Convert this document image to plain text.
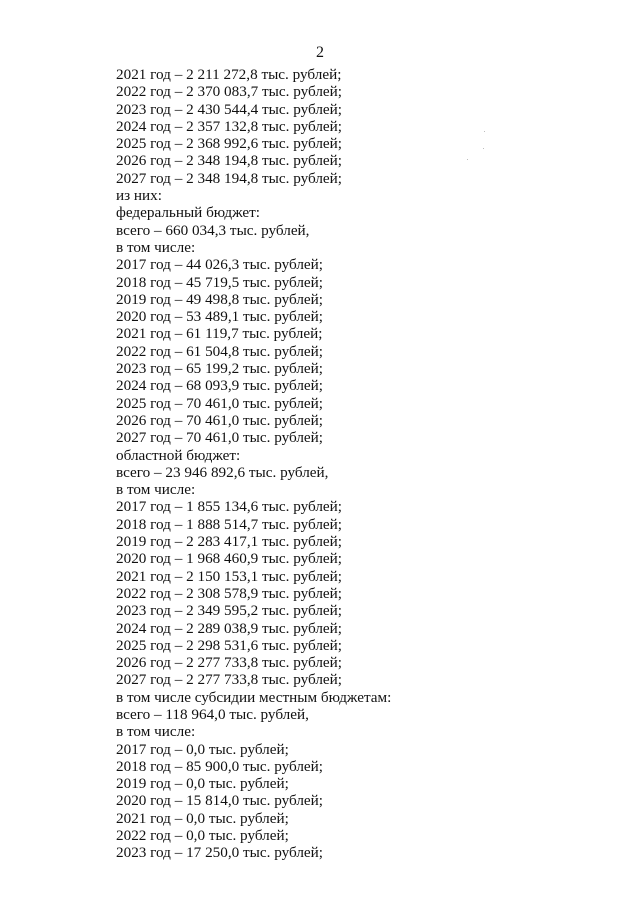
2
2021 год – 2 211 272,8 тыс. рублей;
2022 год – 2 370 083,7 тыс. рублей;
2023 год – 2 430 544,4 тыс. рублей;
2024 год – 2 357 132,8 тыс. рублей;
2025 год – 2 368 992,6 тыс. рублей;
2026 год – 2 348 194,8 тыс. рублей;
2027 год – 2 348 194,8 тыс. рублей;
из них:
федеральный бюджет:
всего – 660 034,3 тыс. рублей,
в том числе:
2017 год – 44 026,3 тыс. рублей;
2018 год – 45 719,5 тыс. рублей;
2019 год – 49 498,8 тыс. рублей;
2020 год – 53 489,1 тыс. рублей;
2021 год – 61 119,7 тыс. рублей;
2022 год – 61 504,8 тыс. рублей;
2023 год – 65 199,2 тыс. рублей;
2024 год – 68 093,9 тыс. рублей;
2025 год – 70 461,0 тыс. рублей;
2026 год – 70 461,0 тыс. рублей;
2027 год – 70 461,0 тыс. рублей;
областной бюджет:
всего – 23 946 892,6 тыс. рублей,
в том числе:
2017 год – 1 855 134,6 тыс. рублей;
2018 год – 1 888 514,7 тыс. рублей;
2019 год – 2 283 417,1 тыс. рублей;
2020 год – 1 968 460,9 тыс. рублей;
2021 год – 2 150 153,1 тыс. рублей;
2022 год – 2 308 578,9 тыс. рублей;
2023 год – 2 349 595,2 тыс. рублей;
2024 год – 2 289 038,9 тыс. рублей;
2025 год – 2 298 531,6 тыс. рублей;
2026 год – 2 277 733,8 тыс. рублей;
2027 год – 2 277 733,8 тыс. рублей;
в том числе субсидии местным бюджетам:
всего – 118 964,0 тыс. рублей,
в том числе:
2017 год – 0,0 тыс. рублей;
2018 год – 85 900,0 тыс. рублей;
2019 год – 0,0 тыс. рублей;
2020 год – 15 814,0 тыс. рублей;
2021 год – 0,0 тыс. рублей;
2022 год – 0,0 тыс. рублей;
2023 год – 17 250,0 тыс. рублей;
